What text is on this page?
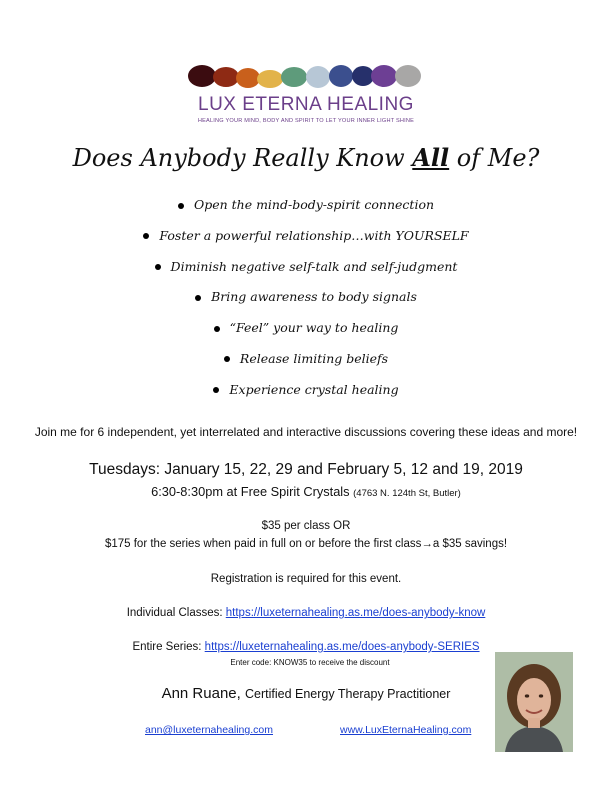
LUX ETERNA HEALING
HEALING YOUR MIND, BODY AND SPIRIT TO LET YOUR INNER LIGHT SHINE
Does Anybody Really Know All of Me?
Open the mind-body-spirit connection
Foster a powerful relationship…with YOURSELF
Diminish negative self-talk and self-judgment
Bring awareness to body signals
“Feel” your way to healing
Release limiting beliefs
Experience crystal healing
Join me for 6 independent, yet interrelated and interactive discussions covering these ideas and more!
Tuesdays: January 15, 22, 29 and February 5, 12 and 19, 2019
6:30-8:30pm at Free Spirit Crystals (4763 N. 124th St, Butler)
$35 per class OR
$175 for the series when paid in full on or before the first class→a $35 savings!
Registration is required for this event.
Individual Classes: https://luxeternahealing.as.me/does-anybody-know
Entire Series: https://luxeternahealing.as.me/does-anybody-SERIES
Enter code: KNOW35 to receive the discount
Ann Ruane, Certified Energy Therapy Practitioner
ann@luxeternahealing.com	www.LuxEternaHealing.com
